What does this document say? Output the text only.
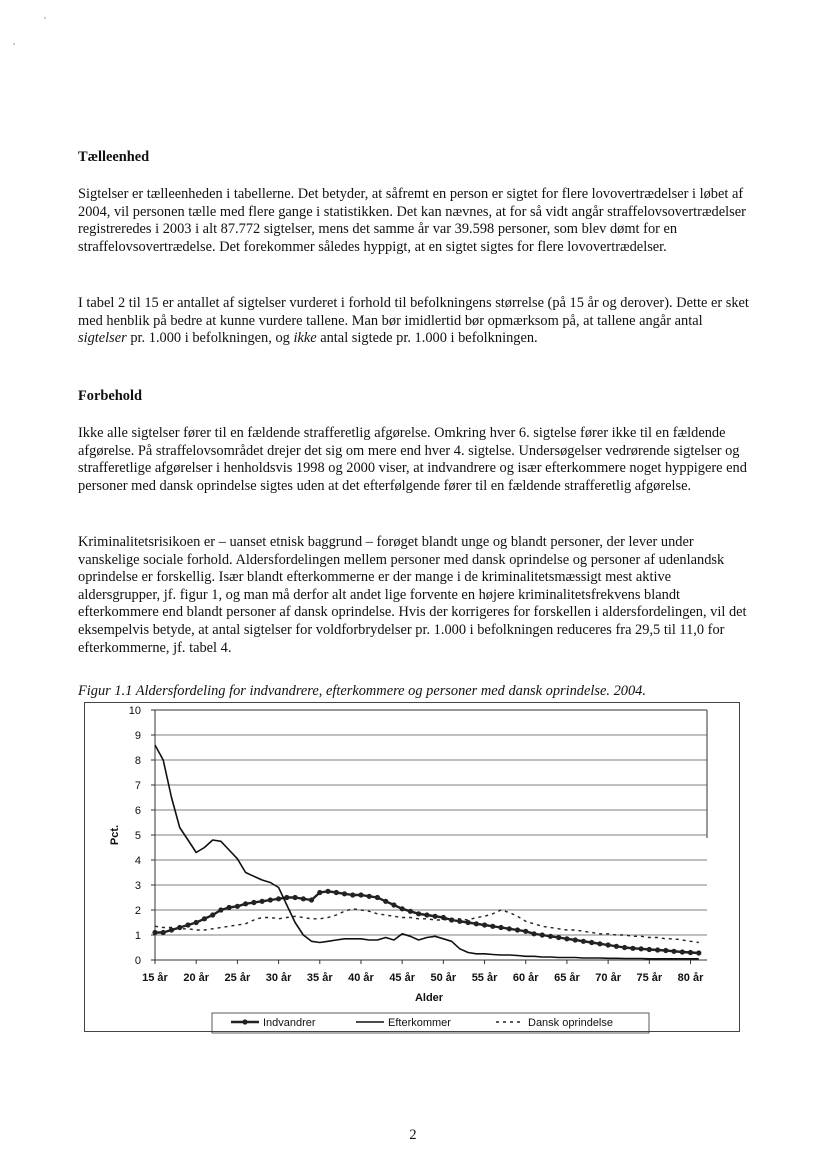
Tælleenhed

Sigtelser er tælleenheden i tabellerne. Det betyder, at såfremt en person er sigtet for flere lovovertrædelser i løbet af 2004, vil personen tælle med flere gange i statistikken. Det kan nævnes, at for så vidt angår straffelovsovertrædelser registreredes i 2003 i alt 87.772 sigtelser, mens det samme år var 39.598 personer, som blev dømt for en straffelovsovertrædelse. Det forekommer således hyppigt, at en sigtet sigtes for flere lovovertrædelser.

I tabel 2 til 15 er antallet af sigtelser vurderet i forhold til befolkningens størrelse (på 15 år og derover). Dette er sket med henblik på bedre at kunne vurdere tallene. Man bør imidlertid bør opmærksom på, at tallene angår antal sigtelser pr. 1.000 i befolkningen, og ikke antal sigtede pr. 1.000 i befolkningen.

Forbehold

Ikke alle sigtelser fører til en fældende strafferetlig afgørelse. Omkring hver 6. sigtelse fører ikke til en fældende afgørelse. På straffelovsområdet drejer det sig om mere end hver 4. sigtelse. Undersøgelser vedrørende sigtelser og strafferetlige afgørelser i henholdsvis 1998 og 2000 viser, at indvandrere og især efterkommere noget hyppigere end personer med dansk oprindelse sigtes uden at det efterfølgende fører til en fældende strafferetlig afgørelse.

Kriminalitetsrisikoen er – uanset etnisk baggrund – forøget blandt unge og blandt personer, der lever under vanskelige sociale forhold. Aldersfordelingen mellem personer med dansk oprindelse og personer af udenlandsk oprindelse er forskellig. Især blandt efterkommerne er der mange i de kriminalitetsmæssigt mest aktive aldersgrupper, jf. figur 1, og man må derfor alt andet lige forvente en højere kriminalitetsfrekvens blandt efterkommere end blandt personer af dansk oprindelse. Hvis der korrigeres for forskellen i aldersfordelingen, vil det eksempelvis betyde, at antal sigtelser for voldforbrydelser pr. 1.000 i befolkningen reduceres fra 29,5 til 11,0 for efterkommerne, jf. tabel 4.

Figur 1.1 Aldersfordeling for indvandrere, efterkommere og personer med dansk oprindelse. 2004.
0
1
2
3
4
5
6
7
8
9
10
15 år 20 år 25 år 30 år 35 år 40 år 45 år 50 år 55 år 60 år 65 år 70 år 75 år 80 år
Alder
Pct.
Indvandrer	Efterkommer	Dansk oprindelse
2
